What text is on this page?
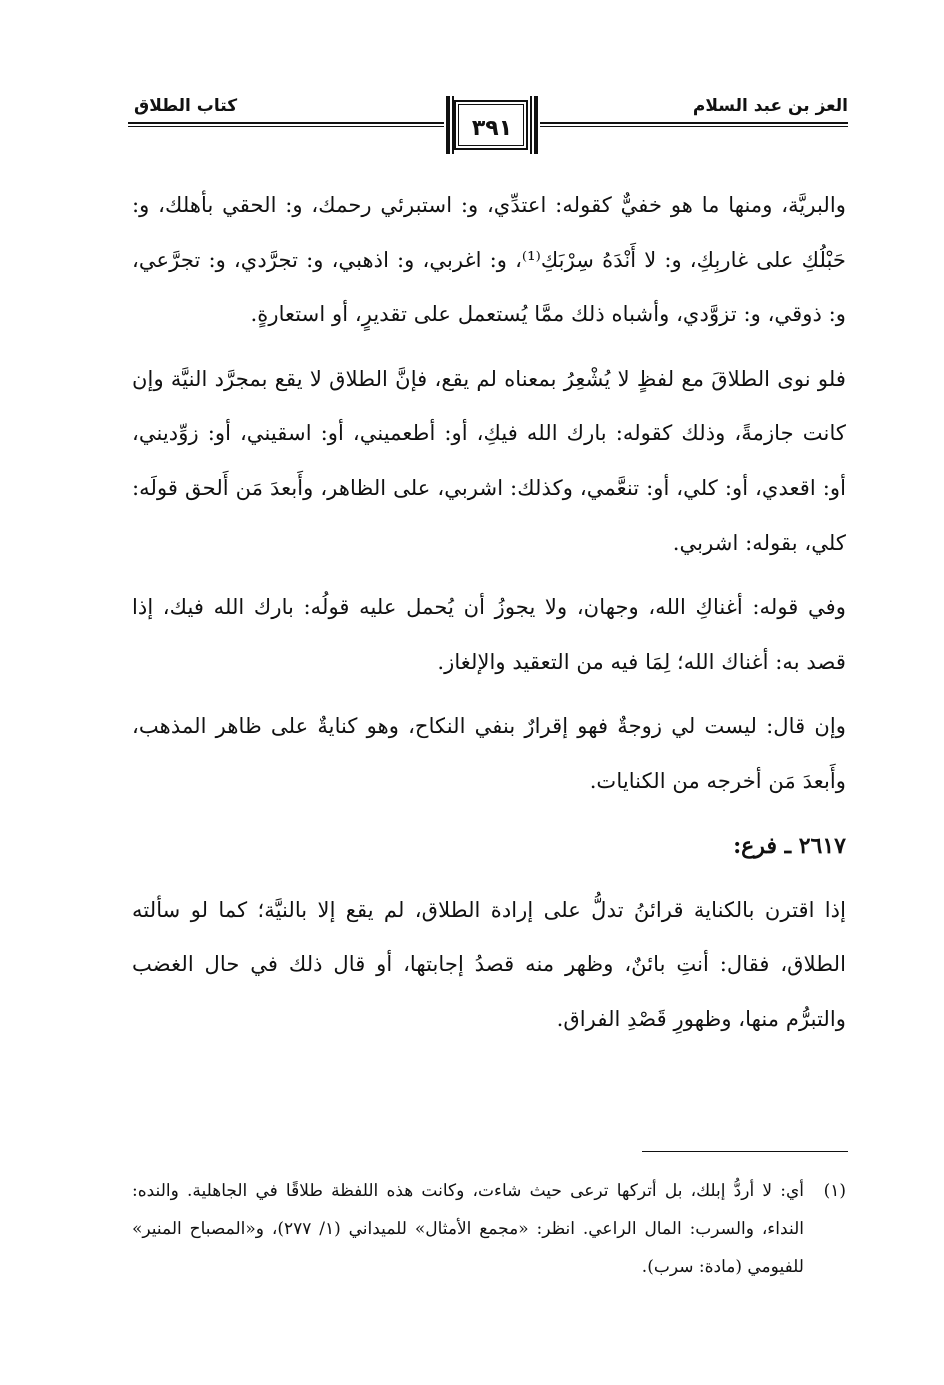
العز بن عبد السلام
كتاب الطلاق
٣٩١

والبريَّة، ومنها ما هو خفيٌّ كقوله: اعتدِّي، و: استبرئي رحمك، و: الحقي بأهلك، و: حَبْلُكِ على غاربِكِ، و: لا أَنْدَهُ سِرْبَكِ⁽¹⁾، و: اغربي، و: اذهبي، و: تجرَّدي، و: تجرَّعي، و: ذوقي، و: تزوَّدي، وأشباه ذلك ممَّا يُستعمل على تقديرٍ، أو استعارةٍ.

فلو نوى الطلاقَ مع لفظٍ لا يُشْعِرُ بمعناه لم يقع، فإنَّ الطلاق لا يقع بمجرَّد النيَّة وإن كانت جازمةً، وذلك كقوله: بارك الله فيكِ، أو: أطعميني، أو: اسقيني، أو: زوِّديني، أو: اقعدي، أو: كلي، أو: تنعَّمي، وكذلك: اشربي، على الظاهر، وأَبعدَ مَن أَلحق قولَه: كلي، بقوله: اشربي.

وفي قوله: أغناكِ الله، وجهان، ولا يجوزُ أن يُحمل عليه قولُه: بارك الله فيك، إذا قصد به: أغناك الله؛ لِمَا فيه من التعقيد والإلغاز.

وإن قال: ليست لي زوجةٌ فهو إقرارٌ بنفي النكاح، وهو كنايةٌ على ظاهر المذهب، وأَبعدَ مَن أخرجه من الكنايات.

٢٦١٧ ـ فرع:

إذا اقترن بالكناية قرائنُ تدلُّ على إرادة الطلاق، لم يقع إلا بالنيَّة؛ كما لو سألته الطلاق، فقال: أنتِ بائنٌ، وظهر منه قصدُ إجابتها، أو قال ذلك في حال الغضب والتبرُّم منها، وظهورِ قَصْدِ الفراق.

(١)
أي: لا أردُّ إبلك، بل أتركها ترعى حيث شاءت، وكانت هذه اللفظة طلاقًا في الجاهلية. والنده: النداء، والسرب: المال الراعي. انظر: «مجمع الأمثال» للميداني (١/ ٢٧٧)، و«المصباح المنير» للفيومي (مادة: سرب).
